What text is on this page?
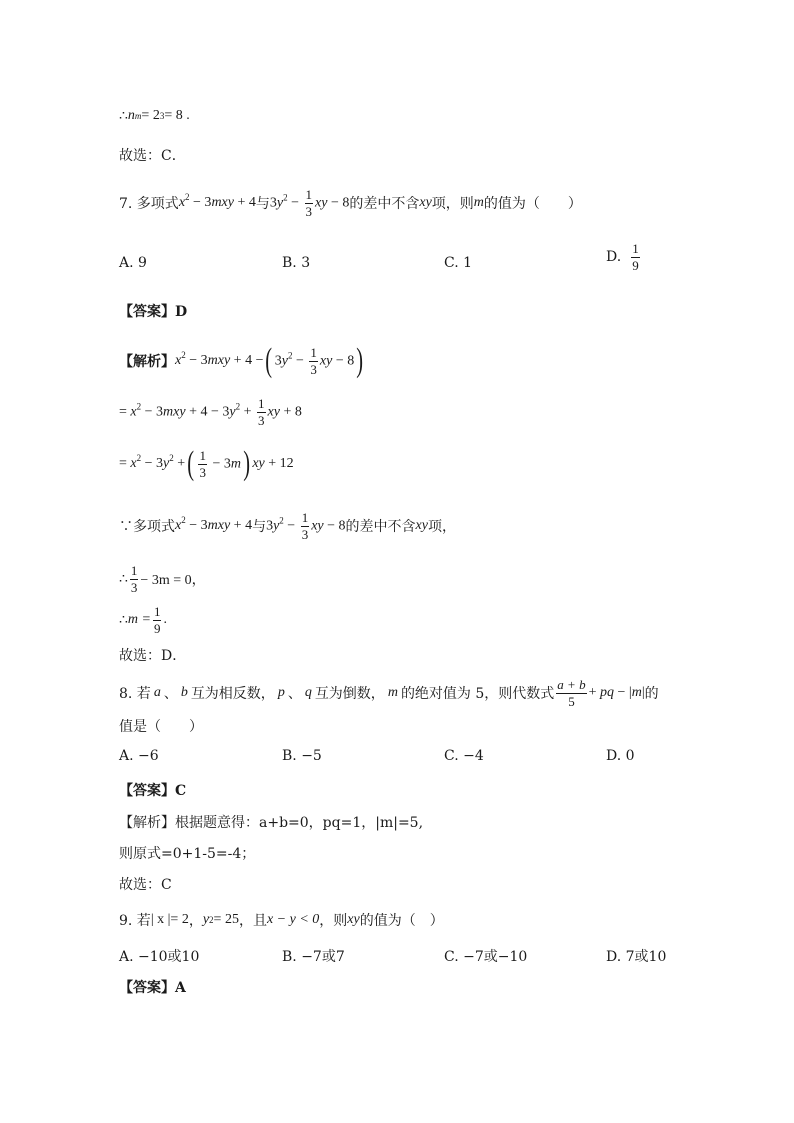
∴ n m = 2 3 = 8 .
故选：C．
7. 多项式 $x^2 - 3mxy + 4$ 与 $3y^2 - \frac{1}{3}$ xy − 8 的差中不含 xy 项，则 m 的值为（　　）
A. 9	B. 3	C. 1	D. $\frac{1}{9}$
【答案】D
【解析】 $x^2 - 3mxy + 4$ − ( $3y^2 - \frac{1}{3}$ xy − 8 )
= $x^2 - 3mxy + 4 - 3y^2 + \frac{1}{3}$ xy + 8
= $x^2 - 3y^2$ + ( $\frac{1}{3} - 3m$ ) xy + 12
∵多项式 $x^2 - 3mxy + 4$ 与 $3y^2 - \frac{1}{3}$ xy − 8 的差中不含 xy 项，
∴ $\frac{1}{3} - 3m = 0$，
∴ $m = \frac{1}{9}$ .
故选：D．
8. 若 a 、 b 互为相反数， p 、 q 互为倒数， m 的绝对值为 5，则代数式 $\frac{a + b}{5}$ + pq − |m| 的
值是（　　）
A. −6	B. −5	C. −4	D. 0
【答案】C
【解析】根据题意得：a+b=0，pq=1，|m|=5,
则原式=0+1-5=-4；
故选：C
9. 若 | x |= 2 ， y 2 = 25 ，且 x − y < 0 ，则 xy 的值为（　）
A. −10或10	B. −7或7	C. −7或−10	D. 7或10
【答案】A
